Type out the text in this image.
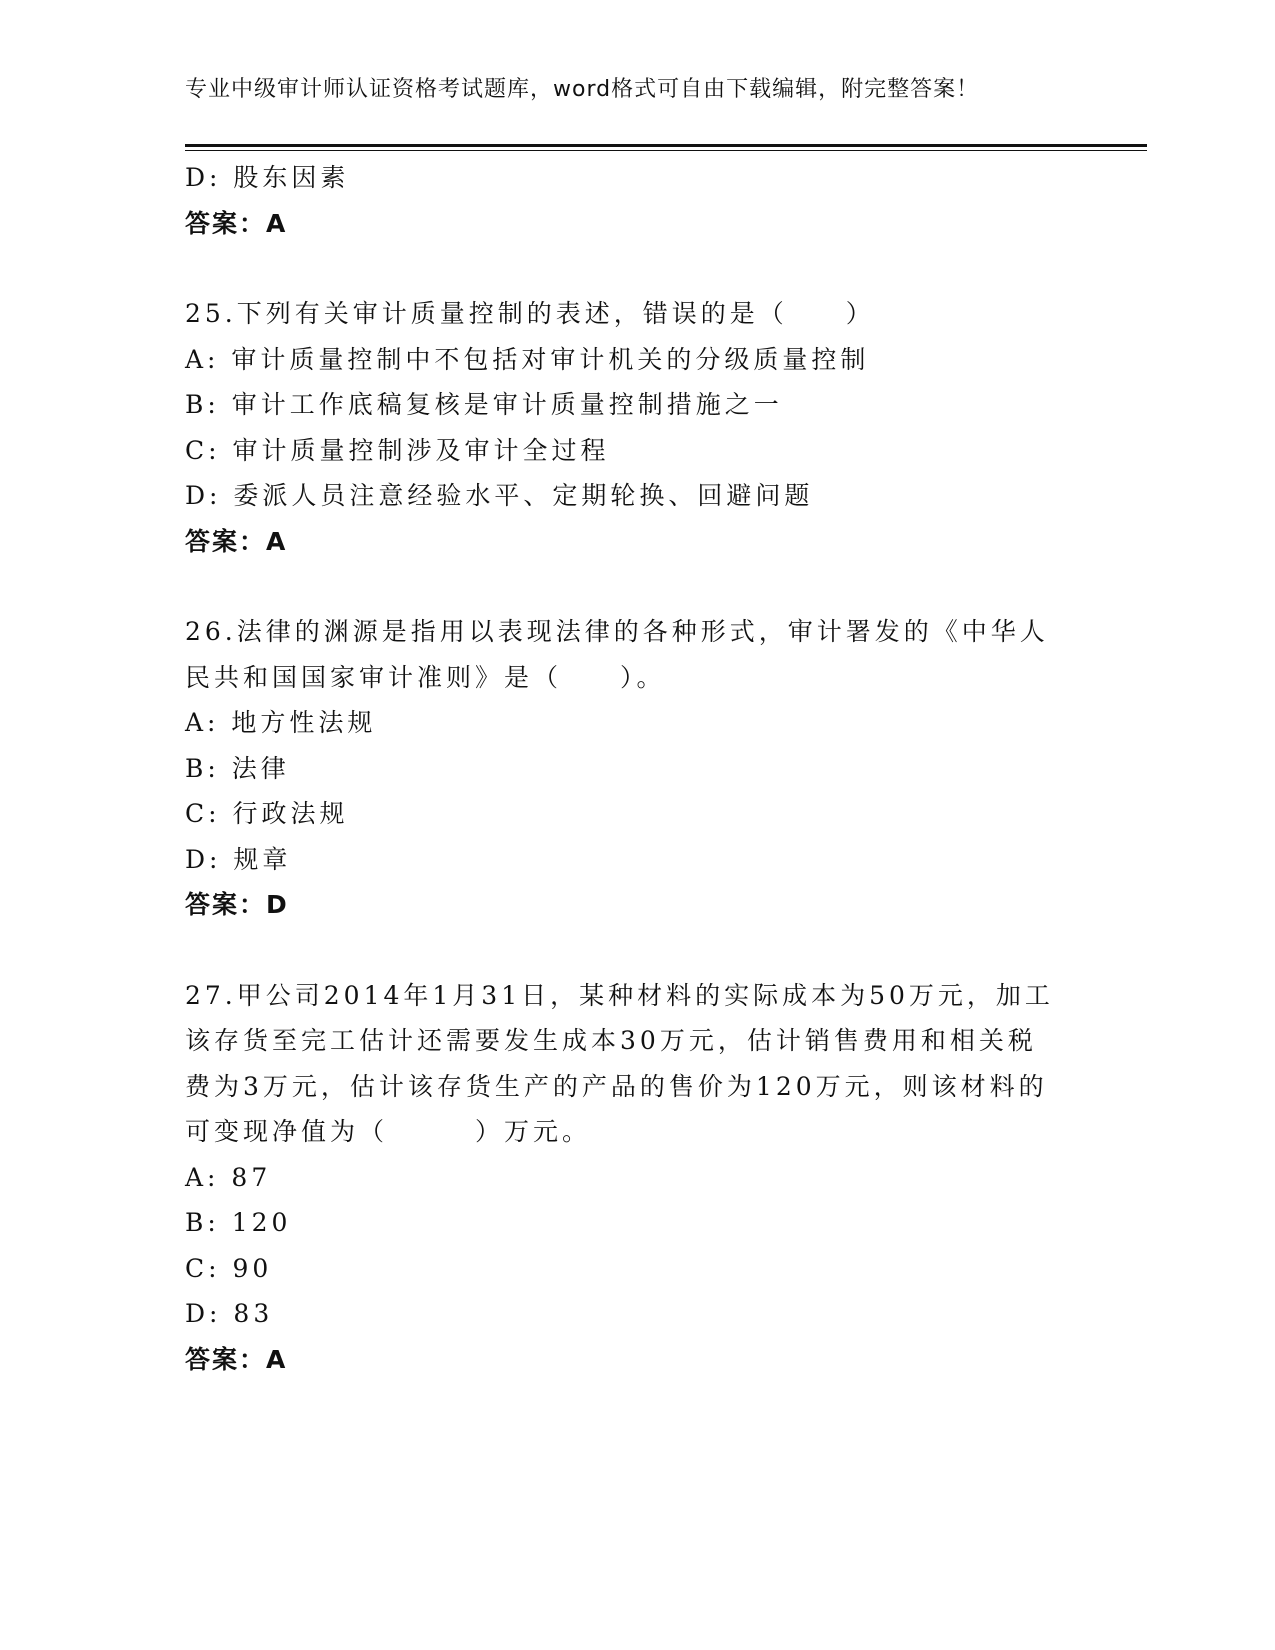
专业中级审计师认证资格考试题库，word格式可自由下载编辑，附完整答案！
D: 股东因素
答案：A
25.下列有关审计质量控制的表述，错误的是（　　）
A: 审计质量控制中不包括对审计机关的分级质量控制
B: 审计工作底稿复核是审计质量控制措施之一
C: 审计质量控制涉及审计全过程
D: 委派人员注意经验水平、定期轮换、回避问题
答案：A
26.法律的渊源是指用以表现法律的各种形式，审计署发的《中华人民共和国国家审计准则》是（　　）。
A: 地方性法规
B: 法律
C: 行政法规
D: 规章
答案：D
27.甲公司2014年1月31日，某种材料的实际成本为50万元，加工该存货至完工估计还需要发生成本30万元，估计销售费用和相关税费为3万元，估计该存货生产的产品的售价为120万元，则该材料的可变现净值为（　　　）万元。
A: 87
B: 120
C: 90
D: 83
答案：A
